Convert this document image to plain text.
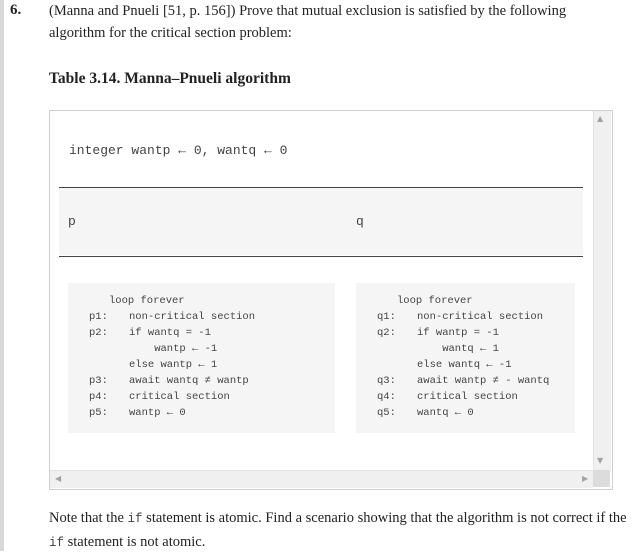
6. (Manna and Pnueli [51, p. 156]) Prove that mutual exclusion is satisfied by the following algorithm for the critical section problem:
Table 3.14. Manna–Pnueli algorithm
integer wantp ← 0, wantq ← 0
p	q
loop forever
p1: non-critical section
p2: if wantq = -1
wantp ← -1
else wantp ← 1
p3: await wantq ≠ wantp
p4: critical section
p5: wantp ← 0
loop forever
q1: non-critical section
q2: if wantp = -1
wantq ← 1
else wantq ← -1
q3: await wantp ≠ - wantq
q4: critical section
q5: wantq ← 0
▲
▼
◀	▶
Note that the if statement is atomic. Find a scenario showing that the algorithm is not correct if the if statement is not atomic.
